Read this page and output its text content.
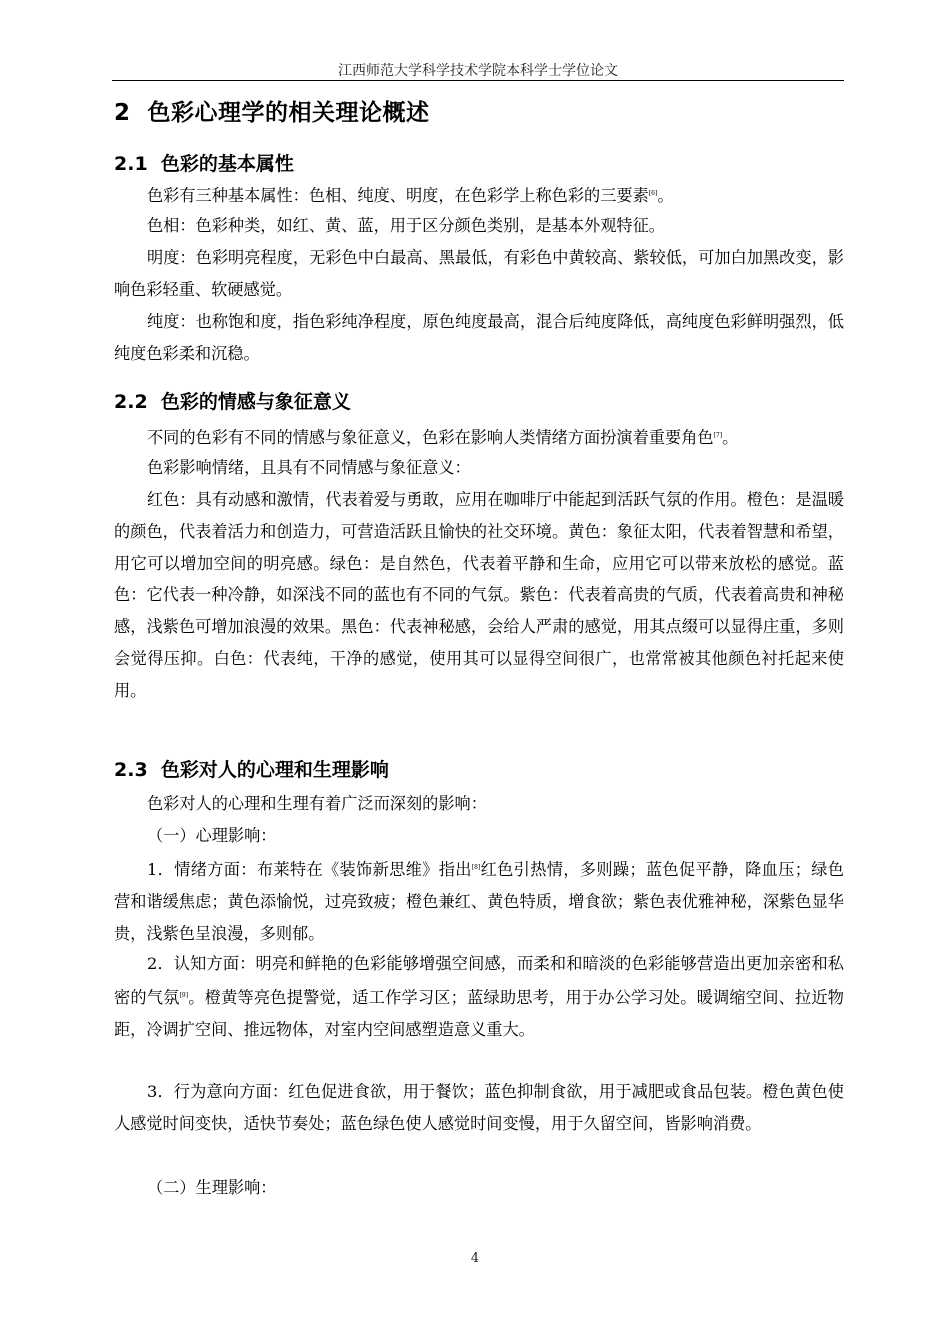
江西师范大学科学技术学院本科学士学位论文
2  色彩心理学的相关理论概述
2.1  色彩的基本属性

色彩有三种基本属性：色相、纯度、明度，在色彩学上称色彩的三要素[6]。

色相：色彩种类，如红、黄、蓝，用于区分颜色类别，是基本外观特征。

明度：色彩明亮程度，无彩色中白最高、黑最低，有彩色中黄较高、紫较低，可加白加黑改变，影响色彩轻重、软硬感觉。

纯度：也称饱和度，指色彩纯净程度，原色纯度最高，混合后纯度降低，高纯度色彩鲜明强烈，低纯度色彩柔和沉稳。

2.2  色彩的情感与象征意义

不同的色彩有不同的情感与象征意义，色彩在影响人类情绪方面扮演着重要角色[7]。

色彩影响情绪，且具有不同情感与象征意义：

红色：具有动感和激情，代表着爱与勇敢，应用在咖啡厅中能起到活跃气氛的作用。橙色：是温暖的颜色，代表着活力和创造力，可营造活跃且愉快的社交环境。黄色：象征太阳，代表着智慧和希望，用它可以增加空间的明亮感。绿色：是自然色，代表着平静和生命，应用它可以带来放松的感觉。蓝色：它代表一种冷静，如深浅不同的蓝也有不同的气氛。紫色：代表着高贵的气质，代表着高贵和神秘感，浅紫色可增加浪漫的效果。黑色：代表神秘感，会给人严肃的感觉，用其点缀可以显得庄重，多则会觉得压抑。白色：代表纯，干净的感觉，使用其可以显得空间很广，也常常被其他颜色衬托起来使用。

2.3  色彩对人的心理和生理影响

色彩对人的心理和生理有着广泛而深刻的影响：

（一）心理影响：

1．情绪方面：布莱特在《装饰新思维》指出[8]红色引热情，多则躁；蓝色促平静，降血压；绿色营和谐缓焦虑；黄色添愉悦，过亮致疲；橙色兼红、黄色特质，增食欲；紫色表优雅神秘，深紫色显华贵，浅紫色呈浪漫，多则郁。

2．认知方面：明亮和鲜艳的色彩能够增强空间感，而柔和和暗淡的色彩能够营造出更加亲密和私密的气氛[9]。橙黄等亮色提警觉，适工作学习区；蓝绿助思考，用于办公学习处。暖调缩空间、拉近物距，冷调扩空间、推远物体，对室内空间感塑造意义重大。

3．行为意向方面：红色促进食欲，用于餐饮；蓝色抑制食欲，用于减肥或食品包装。橙色黄色使人感觉时间变快，适快节奏处；蓝色绿色使人感觉时间变慢，用于久留空间，皆影响消费。

（二）生理影响：

4
